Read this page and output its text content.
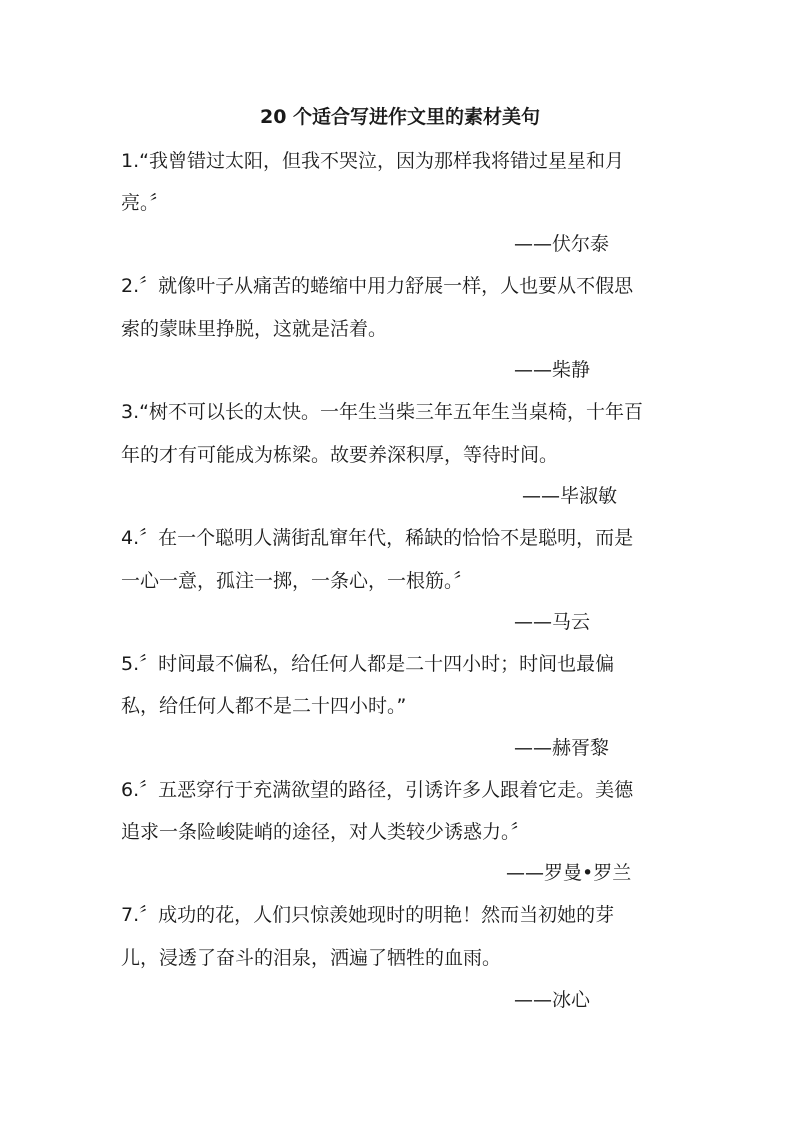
20 个适合写进作文里的素材美句
1.“我曾错过太阳，但我不哭泣，因为那样我将错过星星和月
亮。〞
——伏尔泰
2.〞就像叶子从痛苦的蜷缩中用力舒展一样，人也要从不假思
索的蒙昧里挣脱，这就是活着。
——柴静
3.“树不可以长的太快。一年生当柴三年五年生当桌椅，十年百
年的才有可能成为栋梁。故要养深积厚，等待时间。
——毕淑敏
4.〞在一个聪明人满街乱窜年代，稀缺的恰恰不是聪明，而是
一心一意，孤注一掷，一条心，一根筋。〞
——马云
5.〞时间最不偏私，给任何人都是二十四小时；时间也最偏
私，给任何人都不是二十四小时。”
——赫胥黎
6.〞五恶穿行于充满欲望的路径，引诱许多人跟着它走。美德
追求一条险峻陡峭的途径，对人类较少诱惑力。〞
——罗曼•罗兰
7.〞成功的花，人们只惊羡她现时的明艳！然而当初她的芽
儿，浸透了奋斗的泪泉，洒遍了牺牲的血雨。
——冰心
